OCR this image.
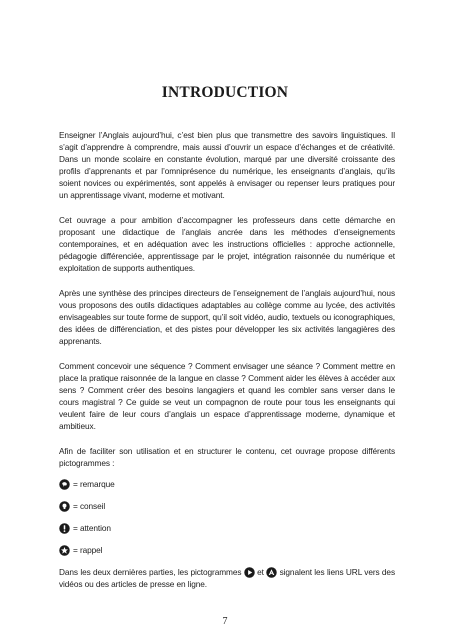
INTRODUCTION

Enseigner l’Anglais aujourd’hui, c’est bien plus que transmettre des savoirs linguistiques. Il s’agit d’apprendre à comprendre, mais aussi d’ouvrir un espace d’échanges et de créativité. Dans un monde scolaire en constante évolution, marqué par une diversité croissante des profils d’apprenants et par l’omniprésence du numérique, les enseignants d’anglais, qu’ils soient novices ou expérimentés, sont appelés à envisager ou repenser leurs pratiques pour un apprentissage vivant, moderne et motivant.

Cet ouvrage a pour ambition d’accompagner les professeurs dans cette démarche en proposant une didactique de l’anglais ancrée dans les méthodes d’enseignements contemporaines, et en adéquation avec les instructions officielles : approche actionnelle, pédagogie différenciée, apprentissage par le projet, intégration raisonnée du numérique et exploitation de supports authentiques.

Après une synthèse des principes directeurs de l’enseignement de l’anglais aujourd’hui, nous vous proposons des outils didactiques adaptables au collège comme au lycée, des activités envisageables sur toute forme de support, qu’il soit vidéo, audio, textuels ou iconographiques, des idées de différenciation, et des pistes pour développer les six activités langagières des apprenants.

Comment concevoir une séquence ? Comment envisager une séance ? Comment mettre en place la pratique raisonnée de la langue en classe ? Comment aider les élèves à accéder aux sens ? Comment créer des besoins langagiers et quand les combler sans verser dans le cours magistral ? Ce guide se veut un compagnon de route pour tous les enseignants qui veulent faire de leur cours d’anglais un espace d’apprentissage moderne, dynamique et ambitieux.

Afin de faciliter son utilisation et en structurer le contenu, cet ouvrage propose différents pictogrammes :

= remarque
= conseil
= attention
= rappel

Dans les deux dernières parties, les pictogrammes
et
signalent les liens URL vers des vidéos ou des articles de presse en ligne.

7
